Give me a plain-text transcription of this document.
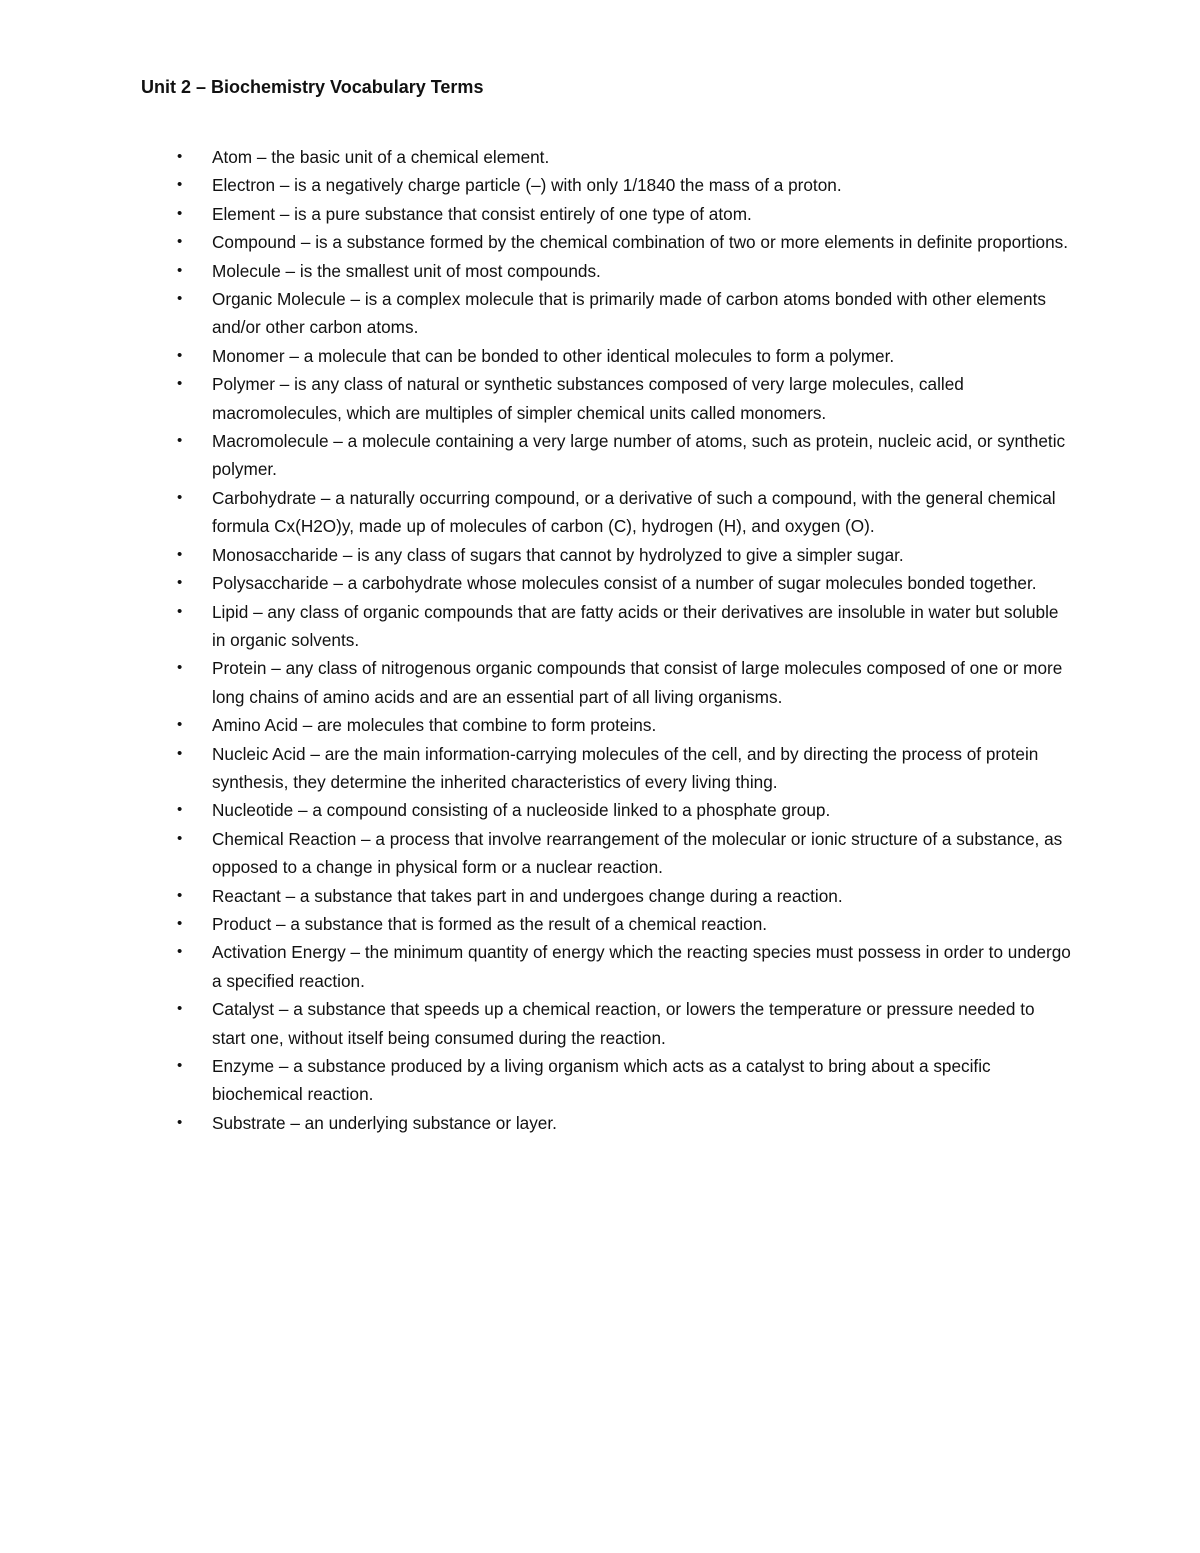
Unit 2 – Biochemistry Vocabulary Terms
• Atom – the basic unit of a chemical element.
• Electron – is a negatively charge particle (–) with only 1/1840 the mass of a proton.
• Element – is a pure substance that consist entirely of one type of atom.
• Compound – is a substance formed by the chemical combination of two or more elements in definite proportions.
• Molecule – is the smallest unit of most compounds.
• Organic Molecule – is a complex molecule that is primarily made of carbon atoms bonded with other elements and/or other carbon atoms.
• Monomer – a molecule that can be bonded to other identical molecules to form a polymer.
• Polymer – is any class of natural or synthetic substances composed of very large molecules, called macromolecules, which are multiples of simpler chemical units called monomers.
• Macromolecule – a molecule containing a very large number of atoms, such as protein, nucleic acid, or synthetic polymer.
• Carbohydrate – a naturally occurring compound, or a derivative of such a compound, with the general chemical formula Cx(H2O)y, made up of molecules of carbon (C), hydrogen (H), and oxygen (O).
• Monosaccharide – is any class of sugars that cannot by hydrolyzed to give a simpler sugar.
• Polysaccharide – a carbohydrate whose molecules consist of a number of sugar molecules bonded together.
• Lipid – any class of organic compounds that are fatty acids or their derivatives are insoluble in water but soluble in organic solvents.
• Protein – any class of nitrogenous organic compounds that consist of large molecules composed of one or more long chains of amino acids and are an essential part of all living organisms.
• Amino Acid – are molecules that combine to form proteins.
• Nucleic Acid – are the main information-carrying molecules of the cell, and by directing the process of protein synthesis, they determine the inherited characteristics of every living thing.
• Nucleotide – a compound consisting of a nucleoside linked to a phosphate group.
• Chemical Reaction – a process that involve rearrangement of the molecular or ionic structure of a substance, as opposed to a change in physical form or a nuclear reaction.
• Reactant – a substance that takes part in and undergoes change during a reaction.
• Product – a substance that is formed as the result of a chemical reaction.
• Activation Energy – the minimum quantity of energy which the reacting species must possess in order to undergo a specified reaction.
• Catalyst – a substance that speeds up a chemical reaction, or lowers the temperature or pressure needed to start one, without itself being consumed during the reaction.
• Enzyme – a substance produced by a living organism which acts as a catalyst to bring about a specific biochemical reaction.
• Substrate – an underlying substance or layer.
